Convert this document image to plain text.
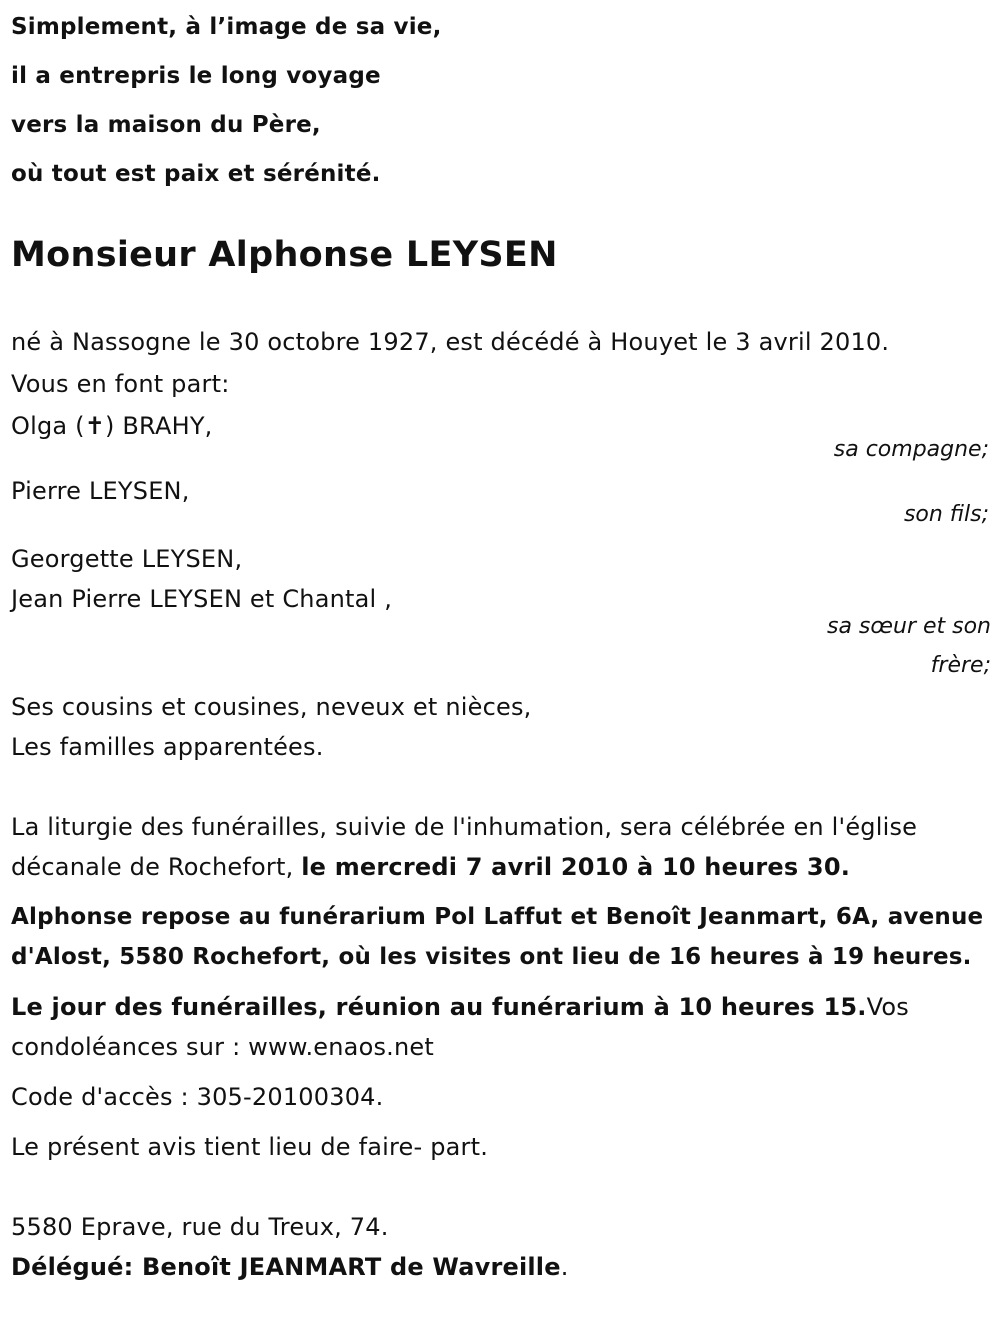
Simplement, à l’image de sa vie,

il a entrepris le long voyage

vers la maison du Père,

où tout est paix et sérénité.

Monsieur Alphonse LEYSEN

né à Nassogne le 30 octobre 1927, est décédé à Houyet le 3 avril 2010.

Vous en font part:

Olga (✝) BRAHY,

sa compagne;

Pierre LEYSEN,

son fils;

Georgette LEYSEN,

Jean Pierre LEYSEN et Chantal ,

sa sœur et son frère;

Ses cousins et cousines, neveux et nièces,

Les familles apparentées.

La liturgie des funérailles, suivie de l'inhumation, sera célébrée en l'église décanale de Rochefort, le mercredi 7 avril 2010 à 10 heures 30.

Alphonse repose au funérarium Pol Laffut et Benoît Jeanmart, 6A, avenue d'Alost, 5580 Rochefort, où les visites ont lieu de 16 heures à 19 heures.

Le jour des funérailles, réunion au funérarium à 10 heures 15.Vos condoléances sur : www.enaos.net

Code d'accès : 305-20100304.

Le présent avis tient lieu de faire- part.

5580 Eprave, rue du Treux, 74.

Délégué: Benoît JEANMART de Wavreille.
